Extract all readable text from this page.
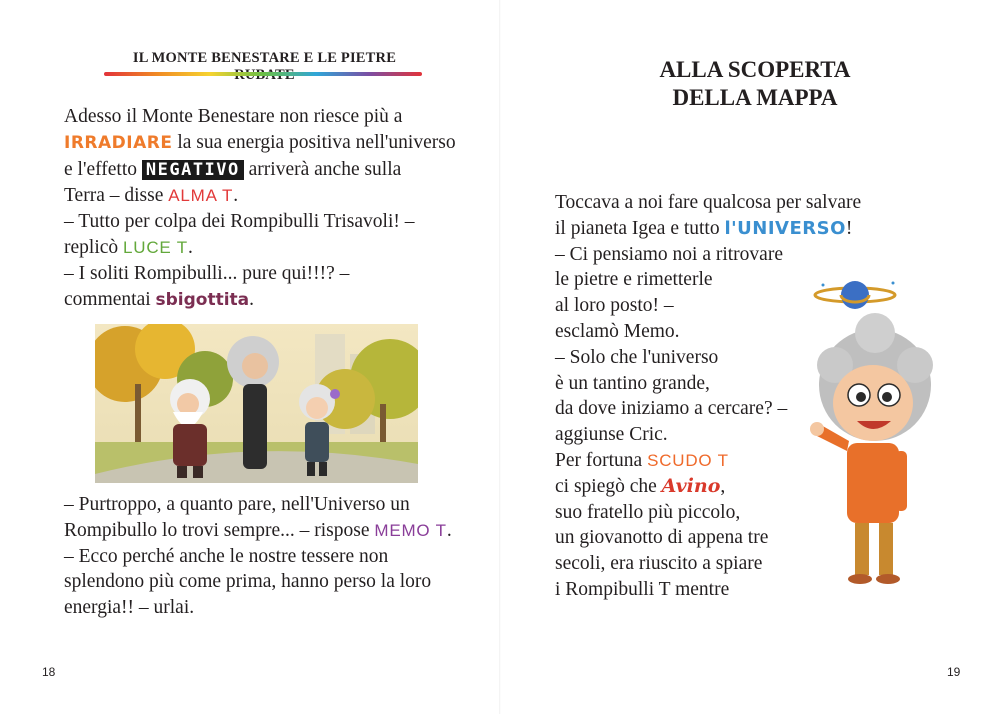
IL MONTE BENESTARE E LE PIETRE
Adesso il Monte Benestare non riesce più a
IRRADIARE la sua energia positiva nell'universo
e l'effetto NEGATIVO arriverà anche sulla
Terra – disse ALMA T.
– Tutto per colpa dei Rompibulli Trisavoli! –
replicò LUCE T.
– I soliti Rompibulli... pure qui!!!? –
commentai sbigottita.
– Purtroppo, a quanto pare, nell'Universo un
Rompibullo lo trovi sempre... – rispose MEMO T.
– Ecco perché anche le nostre tessere non
splendono più come prima, hanno perso la loro
energia!! – urlai.
18
ALLA SCOPERTA
DELLA MAPPA
Toccava a noi fare qualcosa per salvare
il pianeta Igea e tutto l'UNIVERSO!
– Ci pensiamo noi a ritrovare
le pietre e rimetterle
al loro posto! –
esclamò Memo.
– Solo che l'universo
è un tantino grande,
da dove iniziamo a cercare? –
aggiunse Cric.
Per fortuna SCUDO T
ci spiegò che Avino,
suo fratello più piccolo,
un giovanotto di appena tre
secoli, era riuscito a spiare
i Rompibulli T mentre
19
